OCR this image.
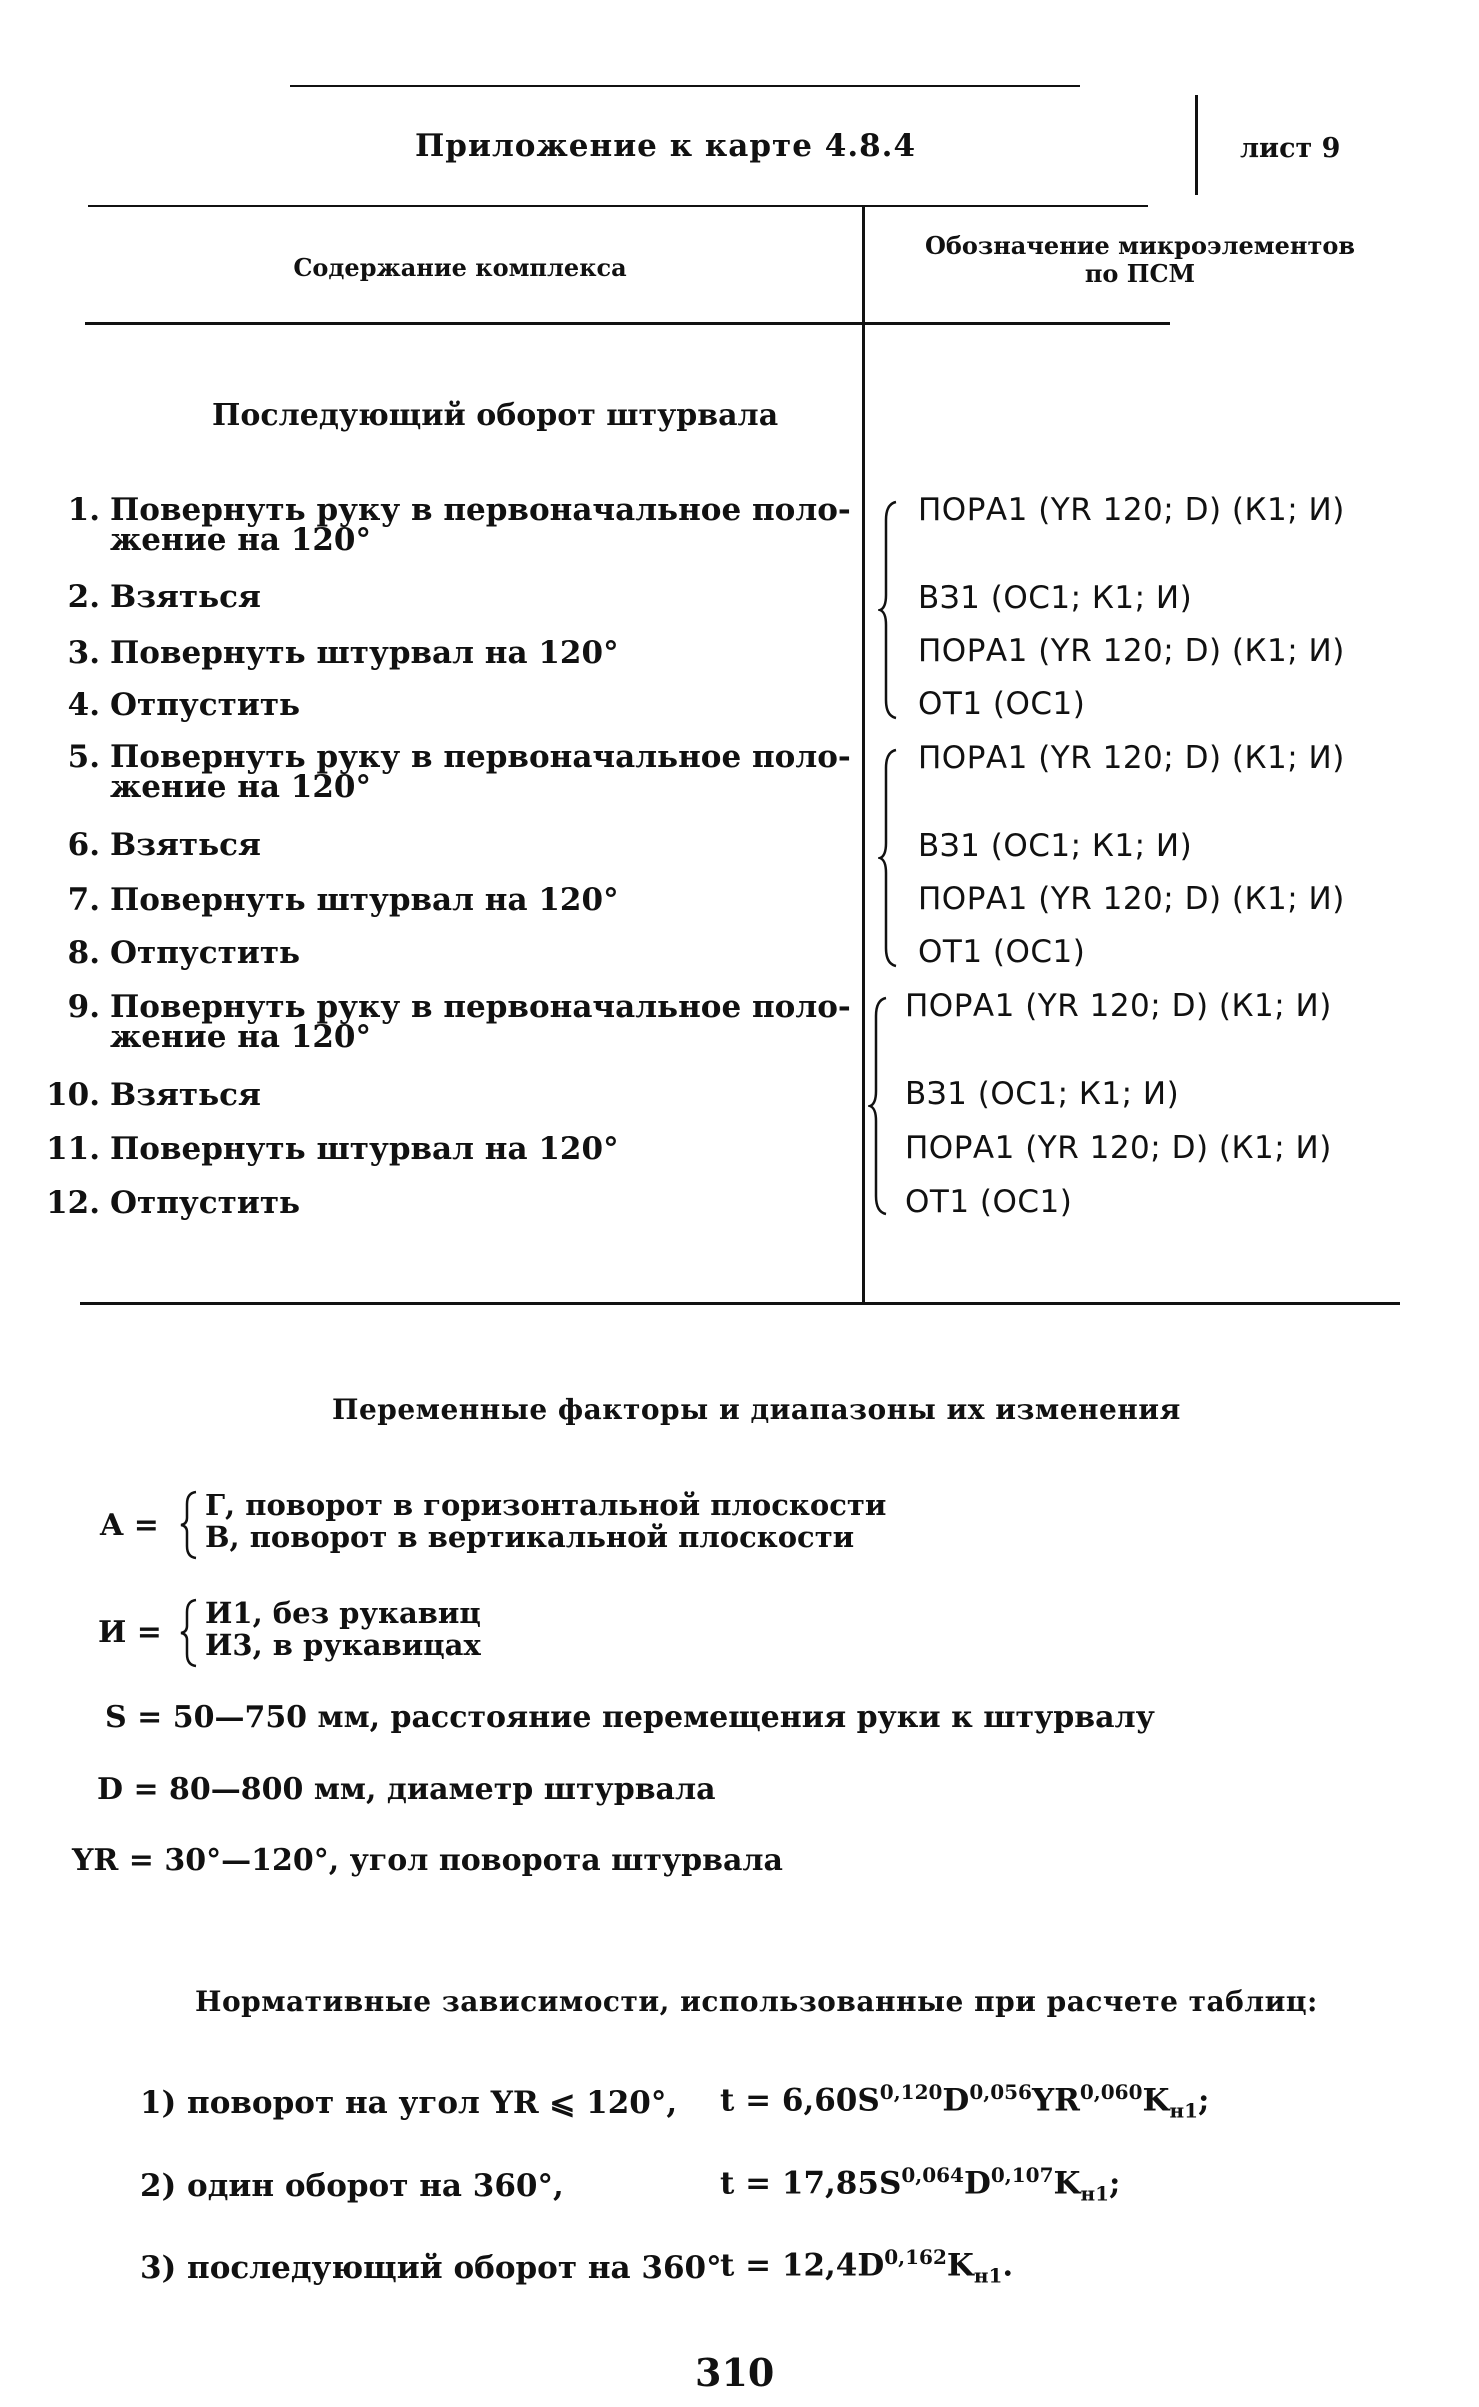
Приложение к карте 4.8.4	лист 9
Содержание комплекса
Обозначение микроэлементов
по ПСМ
Последующий оборот штурвала
1. Повернуть руку в первоначальное поло-
жение на 120°
2. Взяться
3. Повернуть штурвал на 120°
4. Отпустить
5. Повернуть руку в первоначальное поло-
жение на 120°
6. Взяться
7. Повернуть штурвал на 120°
8. Отпустить
9. Повернуть руку в первоначальное поло-
жение на 120°
10. Взяться
11. Повернуть штурвал на 120°
12. Отпустить
ПОРА1 (YR 120; D) (К1; И)
ВЗ1 (ОС1; К1; И)
ПОРА1 (YR 120; D) (К1; И)
ОТ1 (ОС1)
ПОРА1 (YR 120; D) (К1; И)
ВЗ1 (ОС1; К1; И)
ПОРА1 (YR 120; D) (К1; И)
ОТ1 (ОС1)
ПОРА1 (YR 120; D) (К1; И)
ВЗ1 (ОС1; К1; И)
ПОРА1 (YR 120; D) (К1; И)
ОТ1 (ОС1)
Переменные факторы и диапазоны их изменения
A =
Г, поворот в горизонтальной плоскости
В, поворот в вертикальной плоскости
И =
И1, без рукавиц
И3, в рукавицах
S = 50—750 мм, расстояние перемещения руки к штурвалу
D = 80—800 мм, диаметр штурвала
YR = 30°—120°, угол поворота штурвала
Нормативные зависимости, использованные при расчете таблиц:
1) поворот на угол YR ⩽ 120°, $t = 6,60S^{0,120}D^{0,056}YR^{0,060}K_{н1}$;
2) один оборот на 360°,	$t = 17,85S^{0,064}D^{0,107}K_{н1}$;
3) последующий оборот на 360°
$t = 12,4D^{0,162}K_{н1}$.
310
